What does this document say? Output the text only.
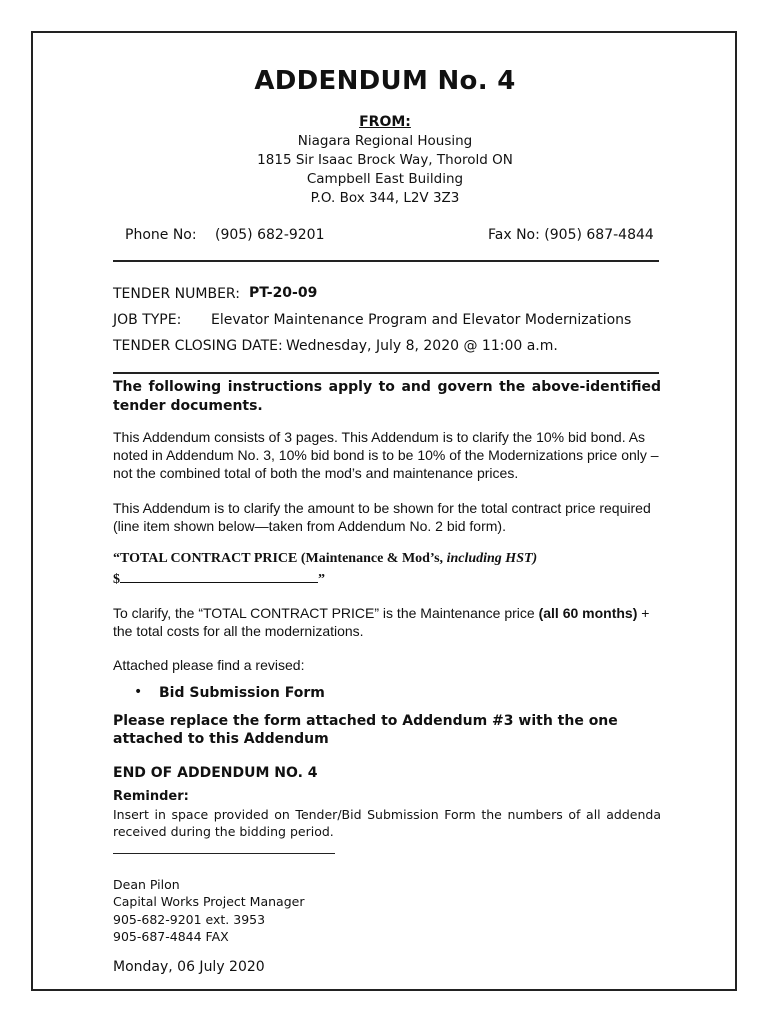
ADDENDUM No. 4
FROM:
Niagara Regional Housing
1815 Sir Isaac Brock Way, Thorold ON
Campbell East Building
P.O. Box 344, L2V 3Z3
Phone No: (905) 682-9201	Fax No: (905) 687-4844
TENDER NUMBER: PT-20-09
JOB TYPE: Elevator Maintenance Program and Elevator Modernizations
TENDER CLOSING DATE: Wednesday, July 8, 2020 @ 11:00 a.m.
The following instructions apply to and govern the above-identified tender documents.
This Addendum consists of 3 pages. This Addendum is to clarify the 10% bid bond. As noted in Addendum No. 3, 10% bid bond is to be 10% of the Modernizations price only – not the combined total of both the mod’s and maintenance prices.
This Addendum is to clarify the amount to be shown for the total contract price required (line item shown below—taken from Addendum No. 2 bid form).
“TOTAL CONTRACT PRICE (Maintenance & Mod’s, including HST)
$	”
To clarify, the “TOTAL CONTRACT PRICE” is the Maintenance price (all 60 months) + the total costs for all the modernizations.
Attached please find a revised:
• Bid Submission Form
Please replace the form attached to Addendum #3 with the one attached to this Addendum
END OF ADDENDUM NO. 4
Reminder:
Insert in space provided on Tender/Bid Submission Form the numbers of all addenda received during the bidding period.
Dean Pilon
Capital Works Project Manager
905-682-9201 ext. 3953
905-687-4844 FAX
Monday, 06 July 2020
